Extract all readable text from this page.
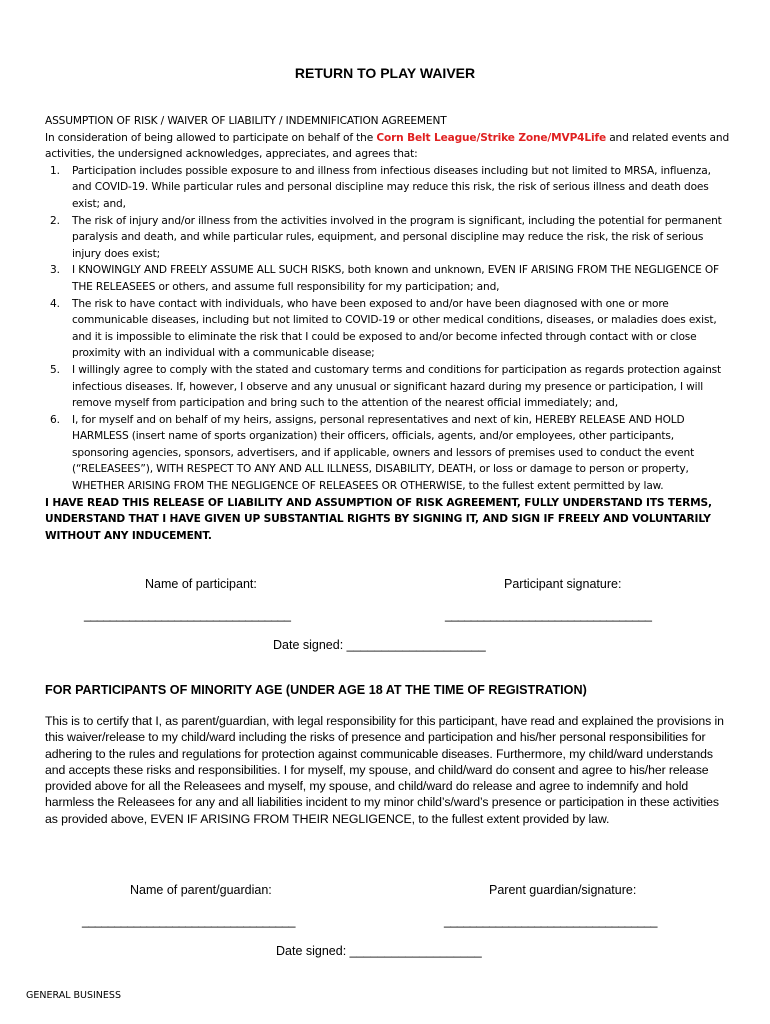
RETURN TO PLAY WAIVER
ASSUMPTION OF RISK / WAIVER OF LIABILITY / INDEMNIFICATION AGREEMENT
In consideration of being allowed to participate on behalf of the Corn Belt League/Strike Zone/MVP4Life and related events and activities, the undersigned acknowledges, appreciates, and agrees that:
1. Participation includes possible exposure to and illness from infectious diseases including but not limited to MRSA, influenza, and COVID-19. While particular rules and personal discipline may reduce this risk, the risk of serious illness and death does exist; and,
2. The risk of injury and/or illness from the activities involved in the program is significant, including the potential for permanent paralysis and death, and while particular rules, equipment, and personal discipline may reduce the risk, the risk of serious injury does exist;
3. I KNOWINGLY AND FREELY ASSUME ALL SUCH RISKS, both known and unknown, EVEN IF ARISING FROM THE NEGLIGENCE OF THE RELEASEES or others, and assume full responsibility for my participation; and,
4. The risk to have contact with individuals, who have been exposed to and/or have been diagnosed with one or more communicable diseases, including but not limited to COVID-19 or other medical conditions, diseases, or maladies does exist, and it is impossible to eliminate the risk that I could be exposed to and/or become infected through contact with or close proximity with an individual with a communicable disease;
5. I willingly agree to comply with the stated and customary terms and conditions for participation as regards protection against infectious diseases. If, however, I observe and any unusual or significant hazard during my presence or participation, I will remove myself from participation and bring such to the attention of the nearest official immediately; and,
6. I, for myself and on behalf of my heirs, assigns, personal representatives and next of kin, HEREBY RELEASE AND HOLD HARMLESS (insert name of sports organization) their officers, officials, agents, and/or employees, other participants, sponsoring agencies, sponsors, advertisers, and if applicable, owners and lessors of premises used to conduct the event (“RELEASEES”), WITH RESPECT TO ANY AND ALL ILLNESS, DISABILITY, DEATH, or loss or damage to person or property, WHETHER ARISING FROM THE NEGLIGENCE OF RELEASEES OR OTHERWISE, to the fullest extent permitted by law.
I HAVE READ THIS RELEASE OF LIABILITY AND ASSUMPTION OF RISK AGREEMENT, FULLY UNDERSTAND ITS TERMS, UNDERSTAND THAT I HAVE GIVEN UP SUBSTANTIAL RIGHTS BY SIGNING IT, AND SIGN IF FREELY AND VOLUNTARILY WITHOUT ANY INDUCEMENT.
Name of participant:	Participant signature:
________________________________	________________________________
Date signed: ____________________
FOR PARTICIPANTS OF MINORITY AGE (UNDER AGE 18 AT THE TIME OF REGISTRATION)
This is to certify that I, as parent/guardian, with legal responsibility for this participant, have read and explained the provisions in this waiver/release to my child/ward including the risks of presence and participation and his/her personal responsibilities for adhering to the rules and regulations for protection against communicable diseases. Furthermore, my child/ward understands and accepts these risks and responsibilities. I for myself, my spouse, and child/ward do consent and agree to his/her release provided above for all the Releasees and myself, my spouse, and child/ward do release and agree to indemnify and hold harmless the Releasees for any and all liabilities incident to my minor child’s/ward’s presence or participation in these activities as provided above, EVEN IF ARISING FROM THEIR NEGLIGENCE, to the fullest extent provided by law.
Name of parent/guardian:	Parent guardian/signature:
_________________________________	_________________________________
Date signed: ___________________
GENERAL BUSINESS
